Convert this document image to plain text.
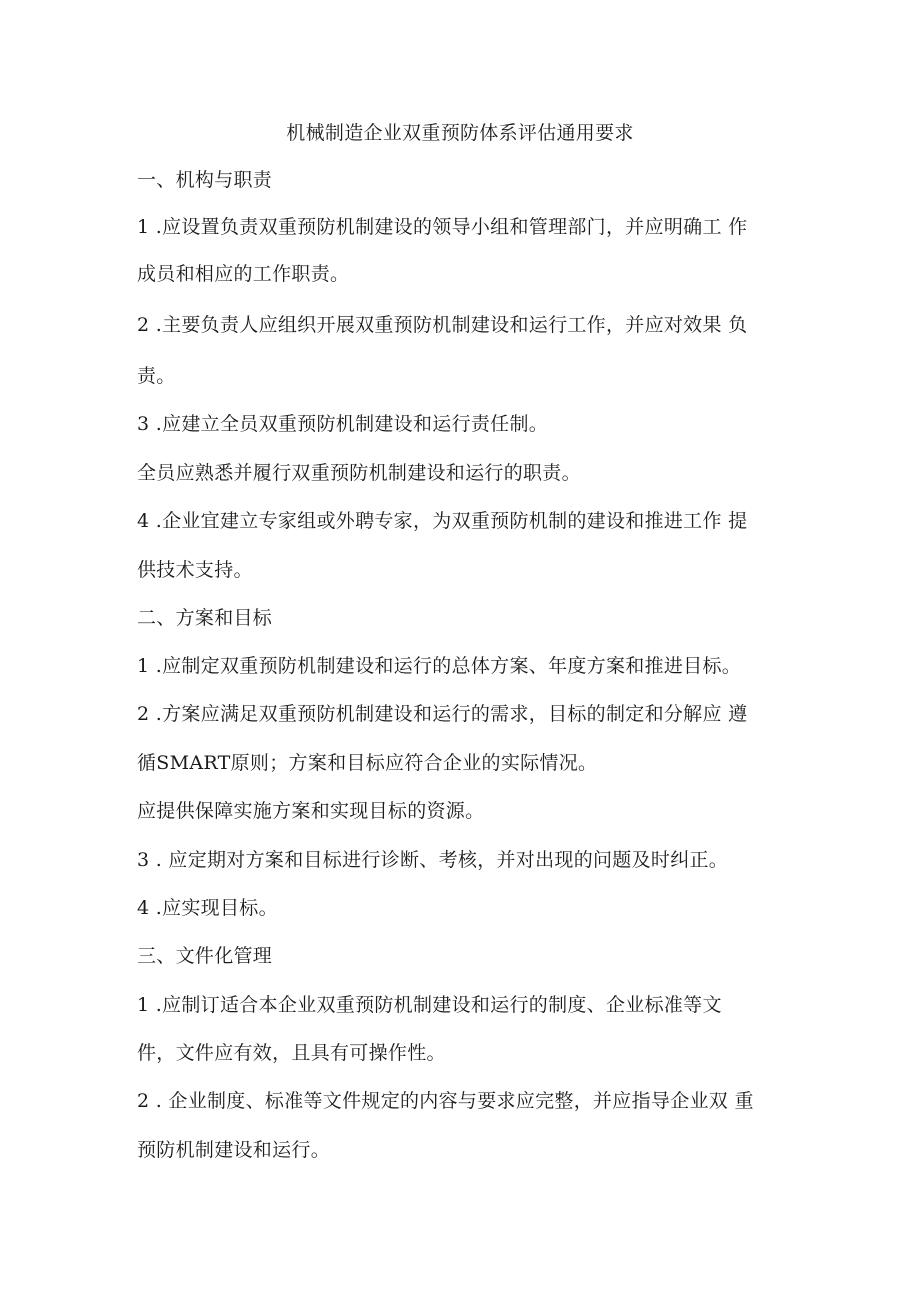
机械制造企业双重预防体系评估通用要求
一、机构与职责
1 .应设置负责双重预防机制建设的领导小组和管理部门，并应明确工 作
成员和相应的工作职责。
2 .主要负责人应组织开展双重预防机制建设和运行工作，并应对效果 负
责。
3 .应建立全员双重预防机制建设和运行责任制。
全员应熟悉并履行双重预防机制建设和运行的职责。
4 .企业宜建立专家组或外聘专家，为双重预防机制的建设和推进工作 提
供技术支持。
二、方案和目标
1 .应制定双重预防机制建设和运行的总体方案、年度方案和推进目标。
2 .方案应满足双重预防机制建设和运行的需求，目标的制定和分解应 遵
循SMART原则；方案和目标应符合企业的实际情况。
应提供保障实施方案和实现目标的资源。
3 . 应定期对方案和目标进行诊断、考核，并对出现的问题及时纠正。
4 .应实现目标。
三、文件化管理
1 .应制订适合本企业双重预防机制建设和运行的制度、企业标准等文
件，文件应有效，且具有可操作性。
2 . 企业制度、标准等文件规定的内容与要求应完整，并应指导企业双 重
预防机制建设和运行。
